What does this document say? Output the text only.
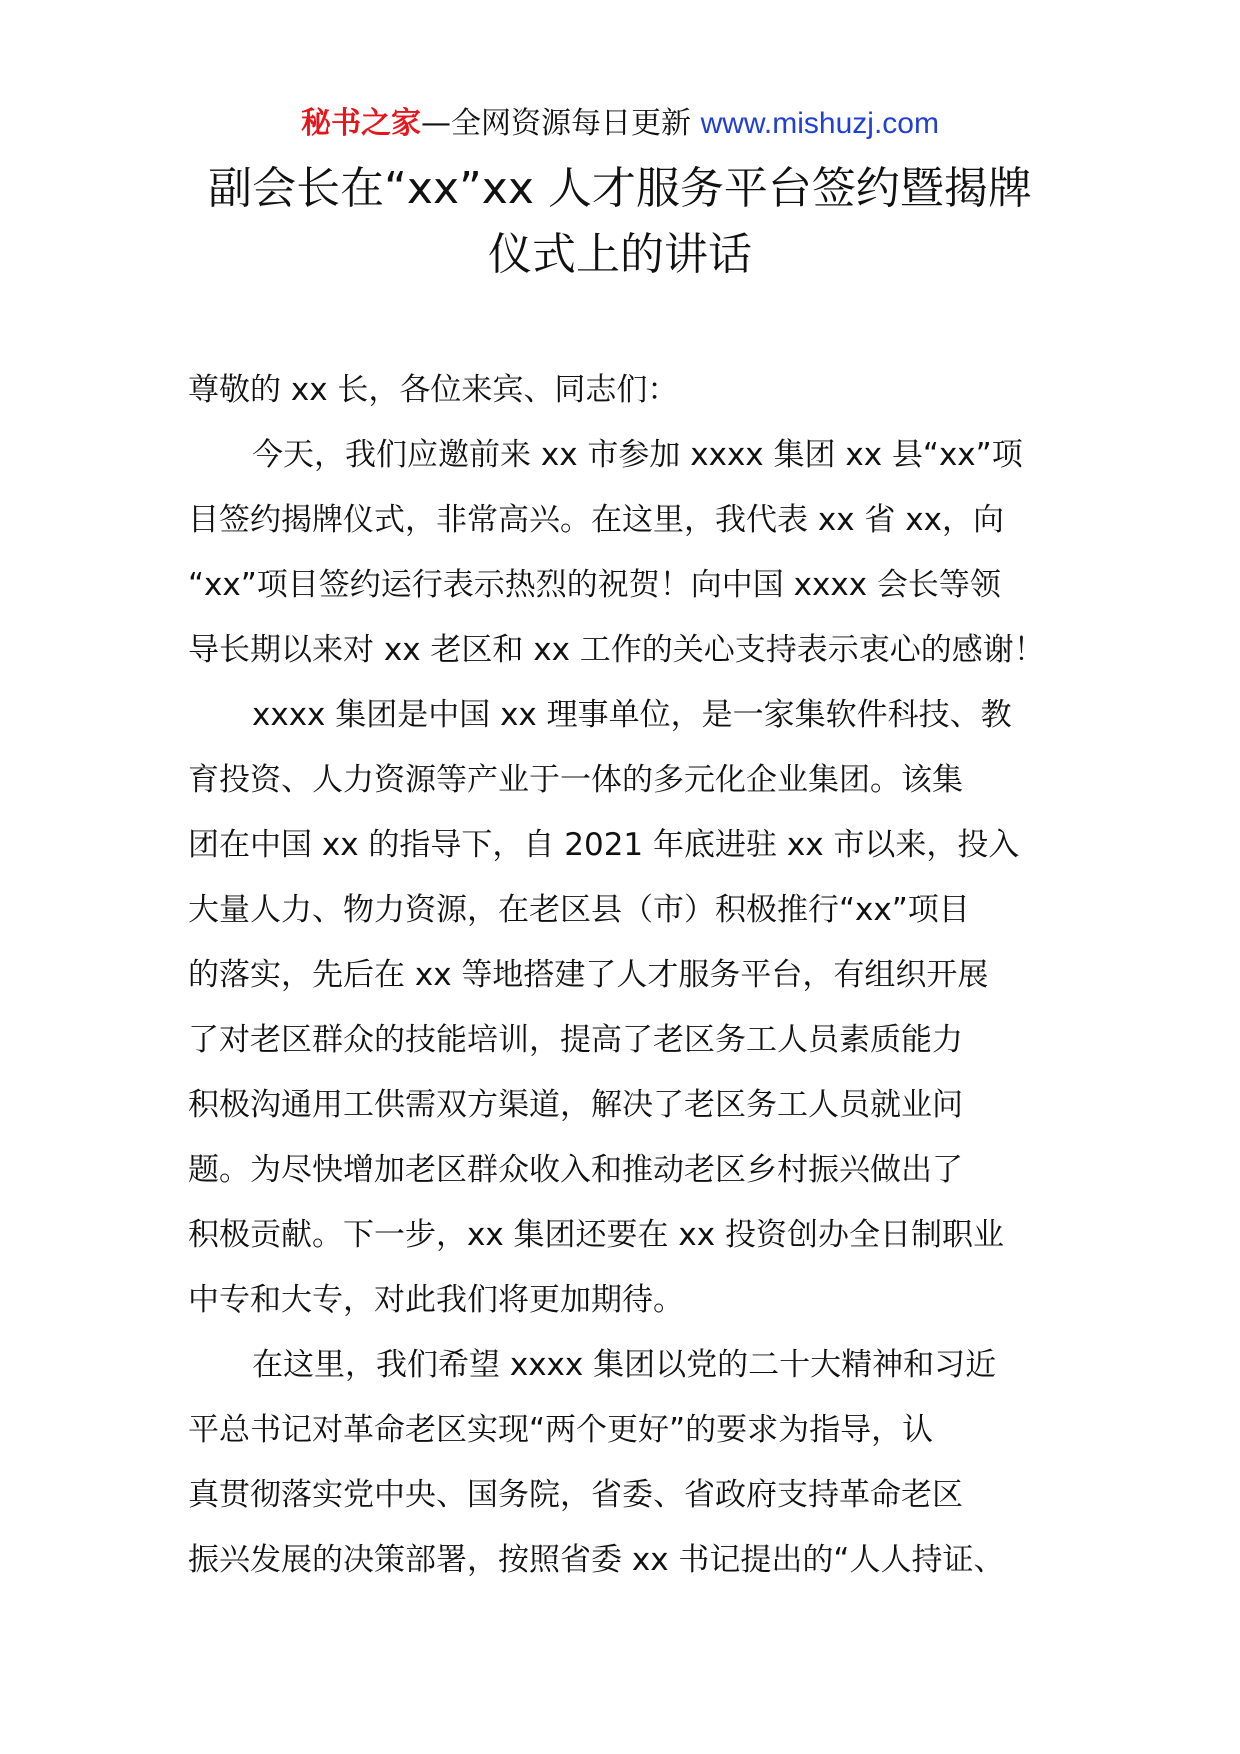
秘书之家—全网资源每日更新 www.mishuzj.com
副会长在“xx”xx 人才服务平台签约暨揭牌
仪式上的讲话
尊敬的 xx 长，各位来宾、同志们：
今天，我们应邀前来 xx 市参加 xxxx 集团 xx 县“xx”项
目签约揭牌仪式，非常高兴。在这里，我代表 xx 省 xx，向
“xx”项目签约运行表示热烈的祝贺！向中国 xxxx 会长等领
导长期以来对 xx 老区和 xx 工作的关心支持表示衷心的感谢！
xxxx 集团是中国 xx 理事单位，是一家集软件科技、教
育投资、人力资源等产业于一体的多元化企业集团。该集
团在中国 xx 的指导下，自 2021 年底进驻 xx 市以来，投入
大量人力、物力资源，在老区县（市）积极推行“xx”项目
的落实，先后在 xx 等地搭建了人才服务平台，有组织开展
了对老区群众的技能培训，提高了老区务工人员素质能力
积极沟通用工供需双方渠道，解决了老区务工人员就业问
题。为尽快增加老区群众收入和推动老区乡村振兴做出了
积极贡献。下一步，xx 集团还要在 xx 投资创办全日制职业
中专和大专，对此我们将更加期待。
在这里，我们希望 xxxx 集团以党的二十大精神和习近
平总书记对革命老区实现“两个更好”的要求为指导，认
真贯彻落实党中央、国务院，省委、省政府支持革命老区
振兴发展的决策部署，按照省委 xx 书记提出的“人人持证、
